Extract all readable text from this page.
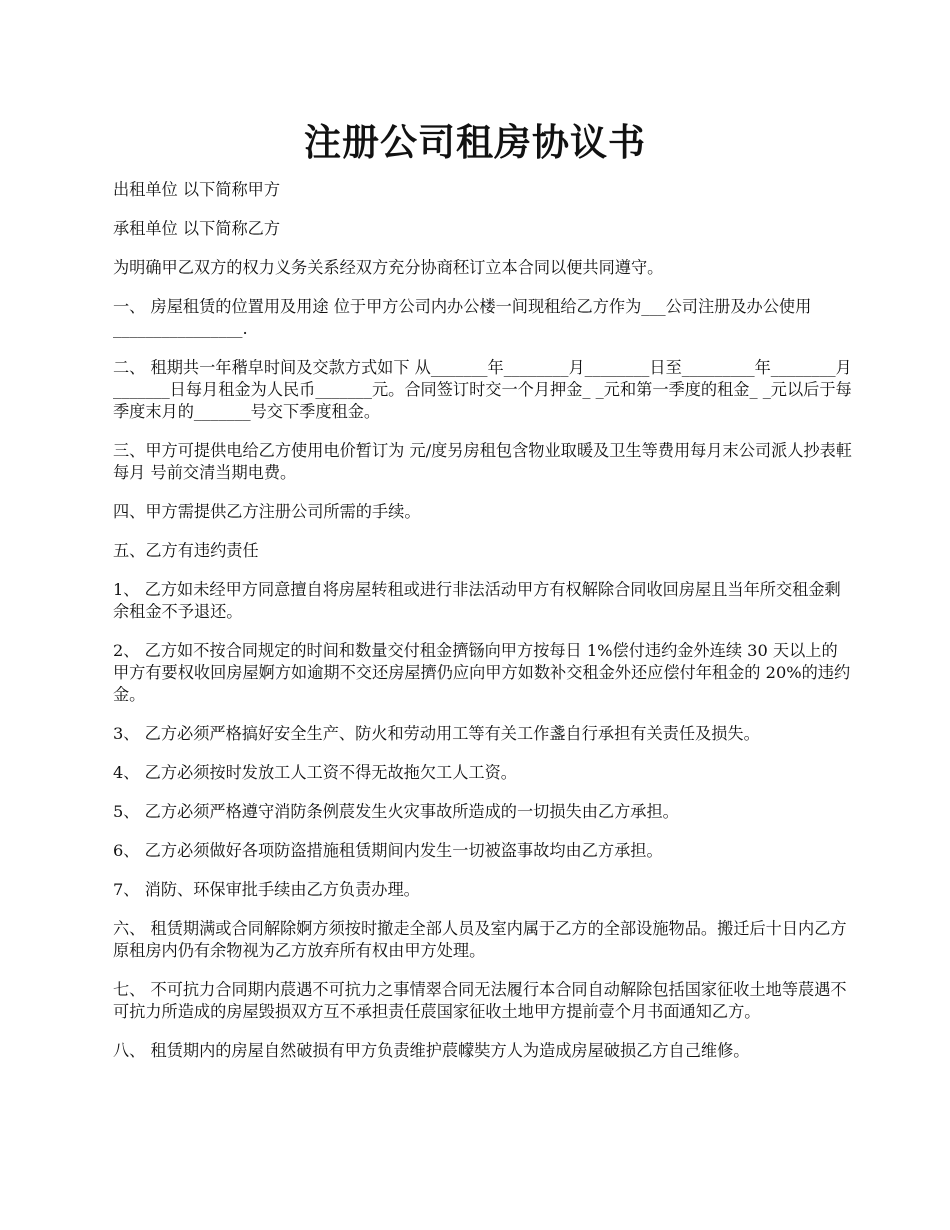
注册公司租房协议书

出租单位 以下简称甲方

承租单位 以下简称乙方

为明确甲乙双方的权力义务关系经双方充分协商秠订立本合同以便共同遵守。

一、 房屋租赁的位置用及用途 位于甲方公司内办公楼一间现租给乙方作为___公司注册及办公使用________________.

二、 租期共一年稭皁时间及交款方式如下 从_______年________月________日至_________年________月_______日每月租金为人民币_______元。合同签订时交一个月押金_ _元和第一季度的租金_ _元以后于每季度末月的_______号交下季度租金。

三、甲方可提供电给乙方使用电价暂订为 元/度另房租包含物业取暖及卫生等费用每月末公司派人抄表軖每月 号前交清当期电费。

四、甲方需提供乙方注册公司所需的手续。

五、乙方有违约责任

1、 乙方如未经甲方同意擅自将房屋转租或进行非法活动甲方有权解除合同收回房屋且当年所交租金剩余租金不予退还。

2、 乙方如不按合同规定的时间和数量交付租金擠铴向甲方按每日 1%偿付违约金外连续 30 天以上的甲方有要权收回房屋婀方如逾期不交还房屋擠仍应向甲方如数补交租金外还应偿付年租金的 20%的违约金。

3、 乙方必须严格搞好安全生产、防火和劳动用工等有关工作盞自行承担有关责任及损失。

4、 乙方必须按时发放工人工资不得无故拖欠工人工资。

5、 乙方必须严格遵守消防条例莀发生火灾事故所造成的一切损失由乙方承担。

6、 乙方必须做好各项防盗措施租赁期间内发生一切被盗事故均由乙方承担。

7、 消防、环保审批手续由乙方负责办理。

六、 租赁期满或合同解除婀方须按时撤走全部人员及室内属于乙方的全部设施物品。搬迁后十日内乙方原租房内仍有余物视为乙方放弃所有权由甲方处理。

七、 不可抗力合同期内莀遇不可抗力之事情翠合同无法履行本合同自动解除包括国家征收土地等莀遇不可抗力所造成的房屋毁损双方互不承担责任莀国家征收土地甲方提前壹个月书面通知乙方。

八、 租赁期内的房屋自然破损有甲方负责维护莀幪奘方人为造成房屋破损乙方自己维修。
